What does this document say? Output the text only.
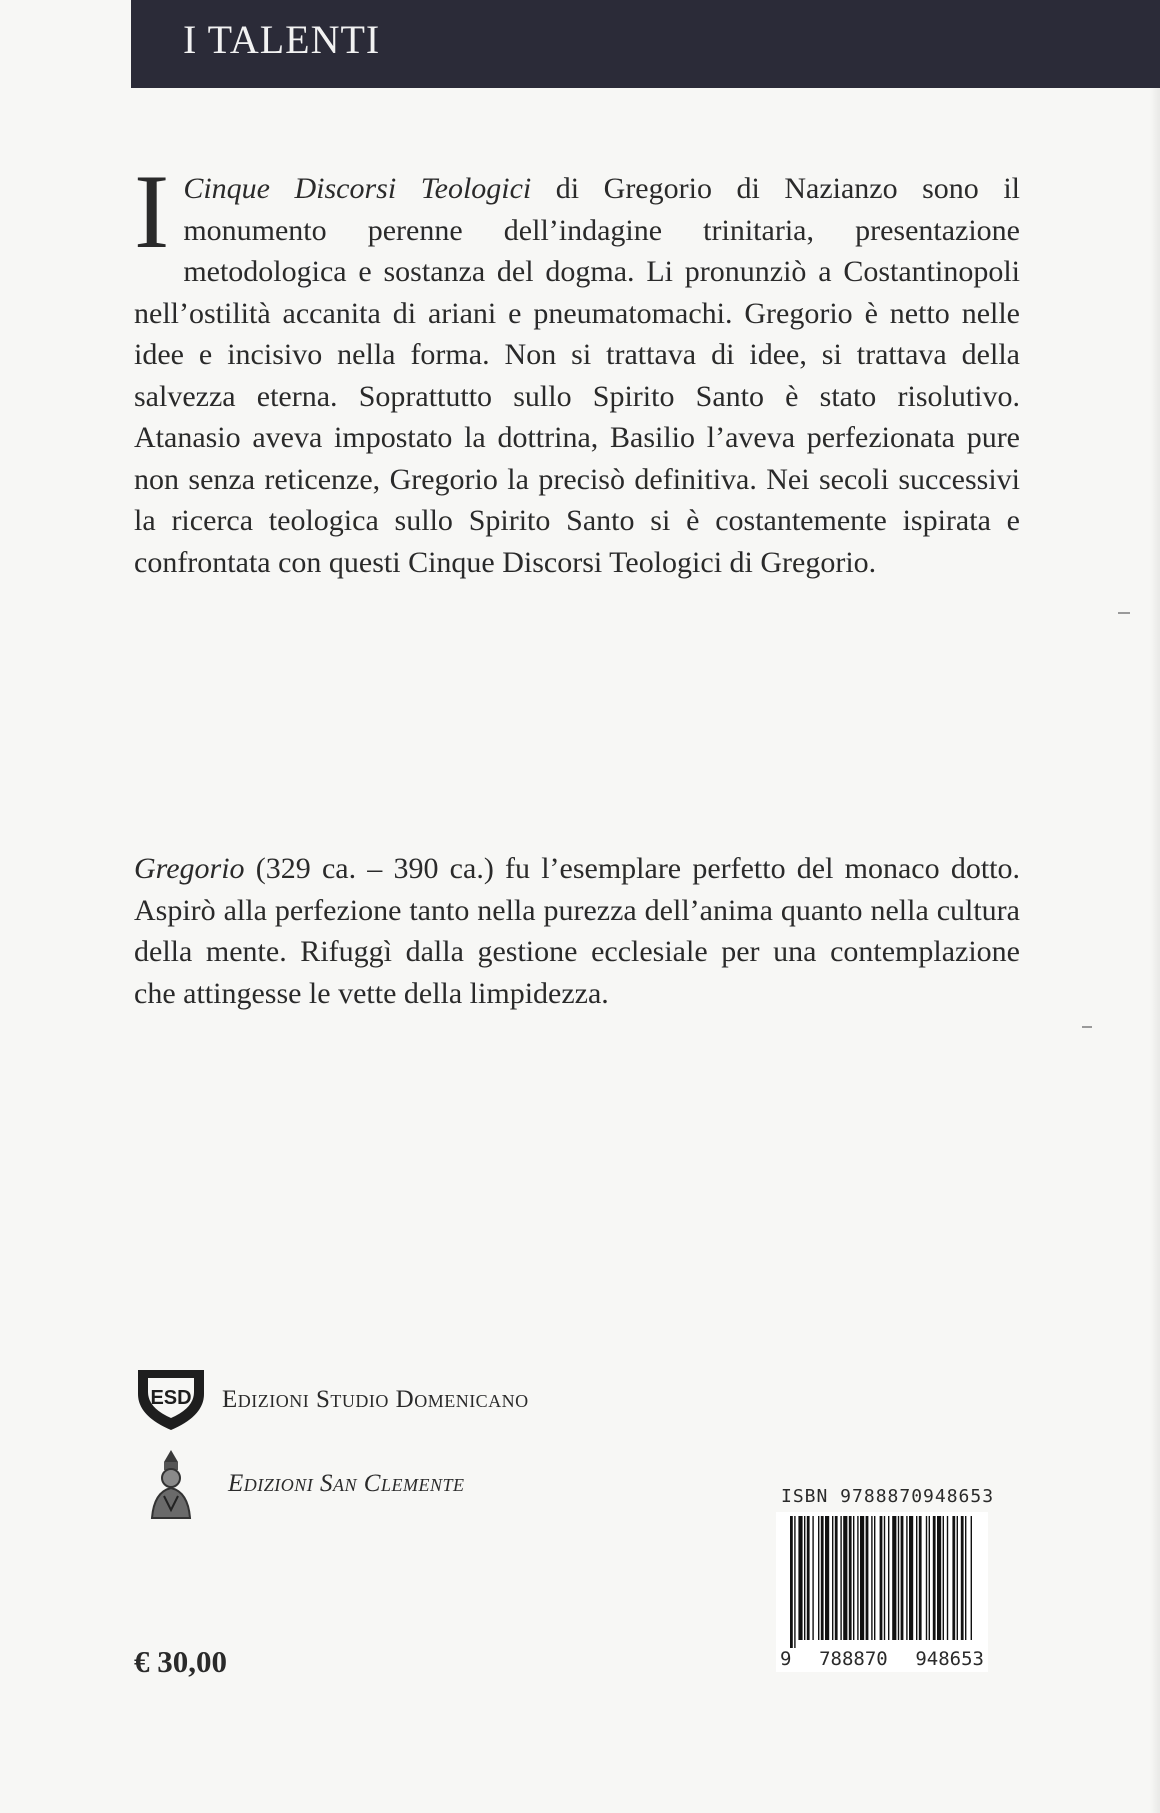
I TALENTI
I Cinque Discorsi Teologici di Gregorio di Nazianzo sono il monumento perenne dell’indagine trinitaria, presentazione metodologica e sostanza del dogma. Li pronunziò a Costantinopoli nell’ostilità accanita di ariani e pneumatomachi. Gregorio è netto nelle idee e incisivo nella forma. Non si trattava di idee, si trattava della salvezza eterna. Soprattutto sullo Spirito Santo è stato risolutivo. Atanasio aveva impostato la dottrina, Basilio l’aveva perfezionata pure non senza reticenze, Gregorio la precisò definitiva. Nei secoli successivi la ricerca teologica sullo Spirito Santo si è costantemente ispirata e confrontata con questi Cinque Discorsi Teologici di Gregorio.
Gregorio (329 ca. – 390 ca.) fu l’esemplare perfetto del monaco dotto. Aspirò alla perfezione tanto nella purezza dell’anima quanto nella cultura della mente. Rifuggì dalla gestione ecclesiale per una contemplazione che attingesse le vette della limpidezza.
ESD Edizioni Studio Domenicano
Edizioni San Clemente	ISBN 9788870948653
9 788870 948653
€ 30,00
